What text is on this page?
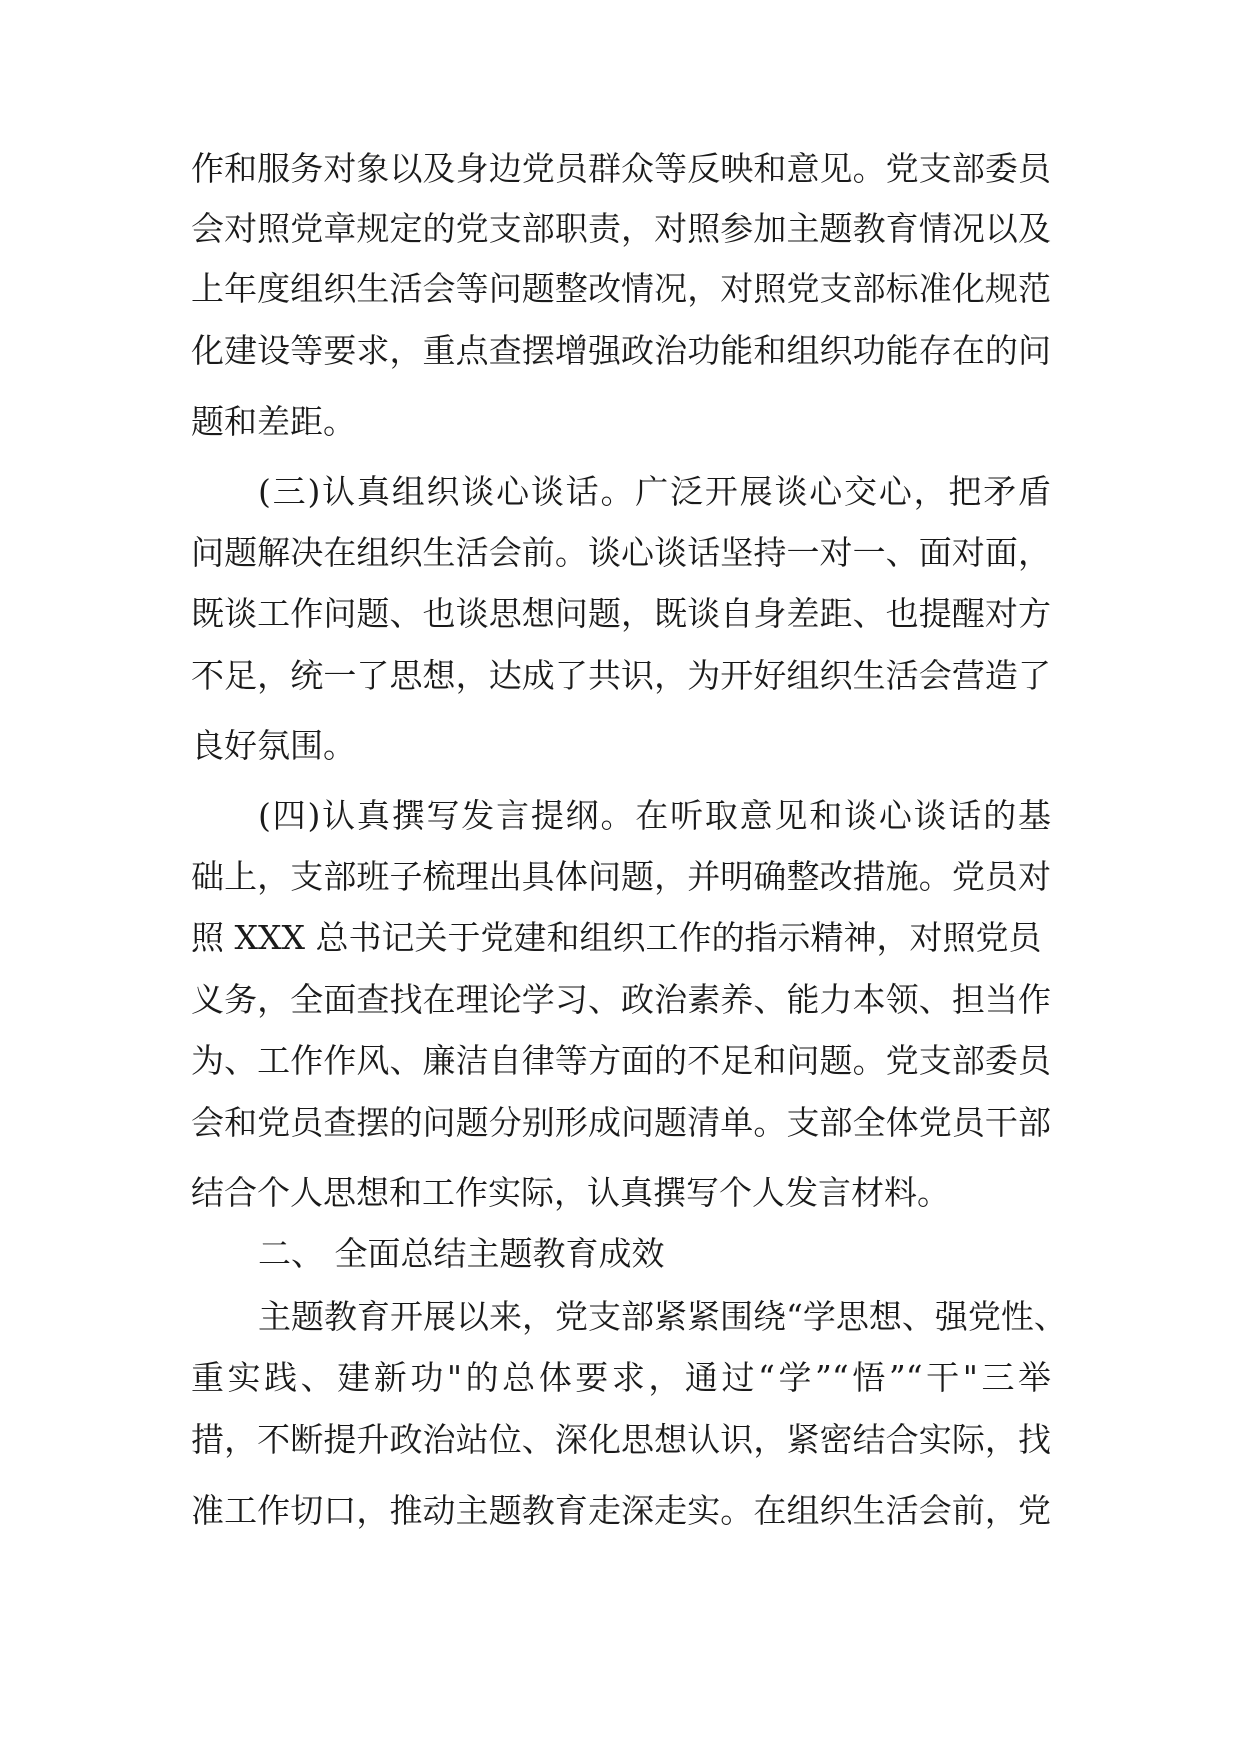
作和服务对象以及身边党员群众等反映和意见。党支部委员
会对照党章规定的党支部职责，对照参加主题教育情况以及
上年度组织生活会等问题整改情况，对照党支部标准化规范
化建设等要求，重点查摆增强政治功能和组织功能存在的问
题和差距。
(三)认真组织谈心谈话。广泛开展谈心交心，把矛盾
问题解决在组织生活会前。谈心谈话坚持一对一、面对面，
既谈工作问题、也谈思想问题，既谈自身差距、也提醒对方
不足，统一了思想，达成了共识，为开好组织生活会营造了
良好氛围。
(四)认真撰写发言提纲。在听取意见和谈心谈话的基
础上，支部班子梳理出具体问题，并明确整改措施。党员对
照 XXX 总书记关于党建和组织工作的指示精神，对照党员
义务，全面查找在理论学习、政治素养、能力本领、担当作
为、工作作风、廉洁自律等方面的不足和问题。党支部委员
会和党员查摆的问题分别形成问题清单。支部全体党员干部
结合个人思想和工作实际，认真撰写个人发言材料。
二、 全面总结主题教育成效
主题教育开展以来，党支部紧紧围绕“学思想、强党性、
重实践、建新功"的总体要求，通过“学”“悟”“干"三举
措，不断提升政治站位、深化思想认识，紧密结合实际，找
准工作切口，推动主题教育走深走实。在组织生活会前，党
